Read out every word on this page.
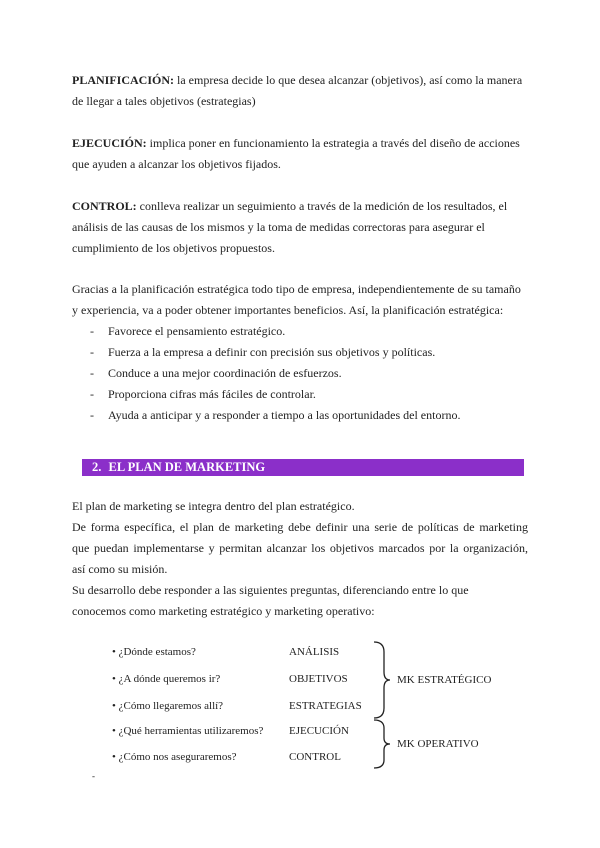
PLANIFICACIÓN: la empresa decide lo que desea alcanzar (objetivos), así como la manera
de llegar a tales objetivos (estrategias)

EJECUCIÓN: implica poner en funcionamiento la estrategia a través del diseño de acciones
que ayuden a alcanzar los objetivos fijados.

CONTROL: conlleva realizar un seguimiento a través de la medición de los resultados, el
análisis de las causas de los mismos y la toma de medidas correctoras para asegurar el
cumplimiento de los objetivos propuestos.

Gracias a la planificación estratégica todo tipo de empresa, independientemente de su tamaño
y experiencia, va a poder obtener importantes beneficios. Así, la planificación estratégica:
- Favorece el pensamiento estratégico.
- Fuerza a la empresa a definir con precisión sus objetivos y políticas.
- Conduce a una mejor coordinación de esfuerzos.
- Proporciona cifras más fáciles de controlar.
- Ayuda a anticipar y a responder a tiempo a las oportunidades del entorno.
2. EL PLAN DE MARKETING
El plan de marketing se integra dentro del plan estratégico.
De forma específica, el plan de marketing debe definir una serie de políticas de marketing
que puedan implementarse y permitan alcanzar los objetivos marcados por la organización,
así como su misión.
Su desarrollo debe responder a las siguientes preguntas, diferenciando entre lo que
conocemos como marketing estratégico y marketing operativo:
• ¿Dónde estamos?	ANÁLISIS
• ¿A dónde queremos ir?	OBJETIVOS
• ¿Cómo llegaremos allí?	ESTRATEGIAS
• ¿Qué herramientas utilizaremos? EJECUCIÓN
• ¿Cómo nos aseguraremos?	CONTROL
MK ESTRATÉGICO
MK OPERATIVO
-
